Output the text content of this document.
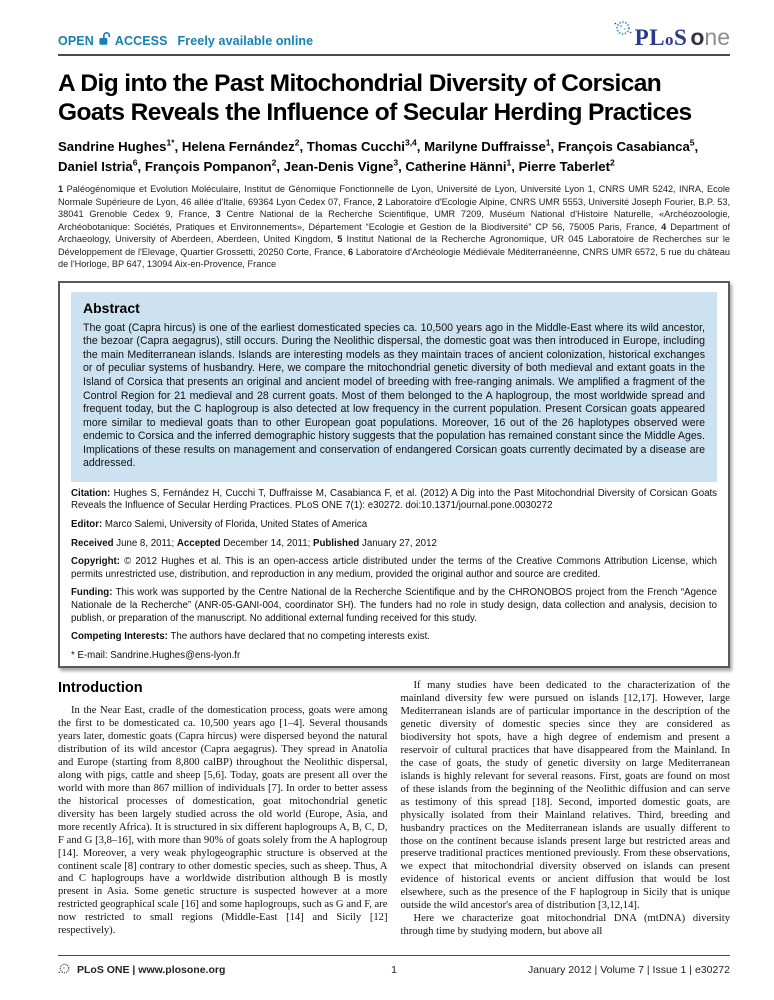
OPEN ACCESS Freely available online	PLoS one
A Dig into the Past Mitochondrial Diversity of Corsican
Goats Reveals the Influence of Secular Herding Practices
Sandrine Hughes$^{1*}$, Helena Fernández$^2$, Thomas Cucchi$^{3,4}$, Marilyne Duffraisse$^1$, François Casabianca$^5$, Daniel Istria$^6$, François Pompanon$^2$, Jean-Denis Vigne$^3$, Catherine Hänni$^1$, Pierre Taberlet$^2$
1 Paléogénomique et Evolution Moléculaire, Institut de Génomique Fonctionnelle de Lyon, Université de Lyon, Université Lyon 1, CNRS UMR 5242, INRA, Ecole Normale Supérieure de Lyon, 46 allée d'Italie, 69364 Lyon Cedex 07, France, 2 Laboratoire d'Ecologie Alpine, CNRS UMR 5553, Université Joseph Fourier, B.P. 53, 38041 Grenoble Cedex 9, France, 3 Centre National de la Recherche Scientifique, UMR 7209, Muséum National d'Histoire Naturelle, «Archéozoologie, Archéobotanique: Sociétés, Pratiques et Environnements», Département “Ecologie et Gestion de la Biodiversité” CP 56, 75005 Paris, France, 4 Department of Archaeology, University of Aberdeen, Aberdeen, United Kingdom, 5 Institut National de la Recherche Agronomique, UR 045 Laboratoire de Recherches sur le Développement de l'Elevage, Quartier Grossetti, 20250 Corte, France, 6 Laboratoire d'Archéologie Médiévale Méditerranéenne, CNRS UMR 6572, 5 rue du château de l'Horloge, BP 647, 13094 Aix-en-Provence, France
Abstract

The goat (Capra hircus) is one of the earliest domesticated species ca. 10,500 years ago in the Middle-East where its wild ancestor, the bezoar (Capra aegagrus), still occurs. During the Neolithic dispersal, the domestic goat was then introduced in Europe, including the main Mediterranean islands. Islands are interesting models as they maintain traces of ancient colonization, historical exchanges or of peculiar systems of husbandry. Here, we compare the mitochondrial genetic diversity of both medieval and extant goats in the Island of Corsica that presents an original and ancient model of breeding with free-ranging animals. We amplified a fragment of the Control Region for 21 medieval and 28 current goats. Most of them belonged to the A haplogroup, the most worldwide spread and frequent today, but the C haplogroup is also detected at low frequency in the current population. Present Corsican goats appeared more similar to medieval goats than to other European goat populations. Moreover, 16 out of the 26 haplotypes observed were endemic to Corsica and the inferred demographic history suggests that the population has remained constant since the Middle Ages. Implications of these results on management and conservation of endangered Corsican goats currently decimated by a disease are addressed.

Citation: Hughes S, Fernández H, Cucchi T, Duffraisse M, Casabianca F, et al. (2012) A Dig into the Past Mitochondrial Diversity of Corsican Goats Reveals the Influence of Secular Herding Practices. PLoS ONE 7(1): e30272. doi:10.1371/journal.pone.0030272

Editor: Marco Salemi, University of Florida, United States of America

Received June 8, 2011; Accepted December 14, 2011; Published January 27, 2012

Copyright: © 2012 Hughes et al. This is an open-access article distributed under the terms of the Creative Commons Attribution License, which permits unrestricted use, distribution, and reproduction in any medium, provided the original author and source are credited.

Funding: This work was supported by the Centre National de la Recherche Scientifique and by the CHRONOBOS project from the French “Agence Nationale de la Recherche” (ANR-05-GANI-004, coordinator SH). The funders had no role in study design, data collection and analysis, decision to publish, or preparation of the manuscript. No additional external funding received for this study.

Competing Interests: The authors have declared that no competing interests exist.

* E-mail: Sandrine.Hughes@ens-lyon.fr

Introduction

In the Near East, cradle of the domestication process, goats were among the first to be domesticated ca. 10,500 years ago [1–4]. Several thousands years later, domestic goats (Capra hircus) were dispersed beyond the natural distribution of its wild ancestor (Capra aegagrus). They spread in Anatolia and Europe (starting from 8,800 calBP) throughout the Neolithic dispersal, along with pigs, cattle and sheep [5,6]. Today, goats are present all over the world with more than 867 million of individuals [7]. In order to better assess the historical processes of domestication, goat mitochondrial genetic diversity has been largely studied across the old world (Europe, Asia, and more recently Africa). It is structured in six different haplogroups A, B, C, D, F and G [3,8–16], with more than 90% of goats solely from the A haplogroup [14]. Moreover, a very weak phylogeographic structure is observed at the continent scale [8] contrary to other domestic species, such as sheep. Thus, A and C haplogroups have a worldwide distribution although B is mostly present in Asia. Some genetic structure is suspected however at a more restricted geographical scale [16] and some haplogroups, such as G and F, are now restricted to small regions (Middle-East [14] and Sicily [12] respectively).

If many studies have been dedicated to the characterization of the mainland diversity few were pursued on islands [12,17]. However, large Mediterranean islands are of particular importance in the description of the genetic diversity of domestic species since they are considered as biodiversity hot spots, have a high degree of endemism and present a reservoir of cultural practices that have disappeared from the Mainland. In the case of goats, the study of genetic diversity on large Mediterranean islands is highly relevant for several reasons. First, goats are found on most of these islands from the beginning of the Neolithic diffusion and can serve as testimony of this spread [18]. Second, imported domestic goats, are physically isolated from their Mainland relatives. Third, breeding and husbandry practices on the Mediterranean islands are usually different to those on the continent because islands present large but restricted areas and preserve traditional practices mentioned previously. From these observations, we expect that mitochondrial diversity observed on islands can present evidence of historical events or ancient diffusion that would be lost elsewhere, such as the presence of the F haplogroup in Sicily that is unique outside the wild ancestor's area of distribution [3,12,14].

Here we characterize goat mitochondrial DNA (mtDNA) diversity through time by studying modern, but above all

PLoS ONE | www.plosone.org	1	January 2012 | Volume 7 | Issue 1 | e30272
